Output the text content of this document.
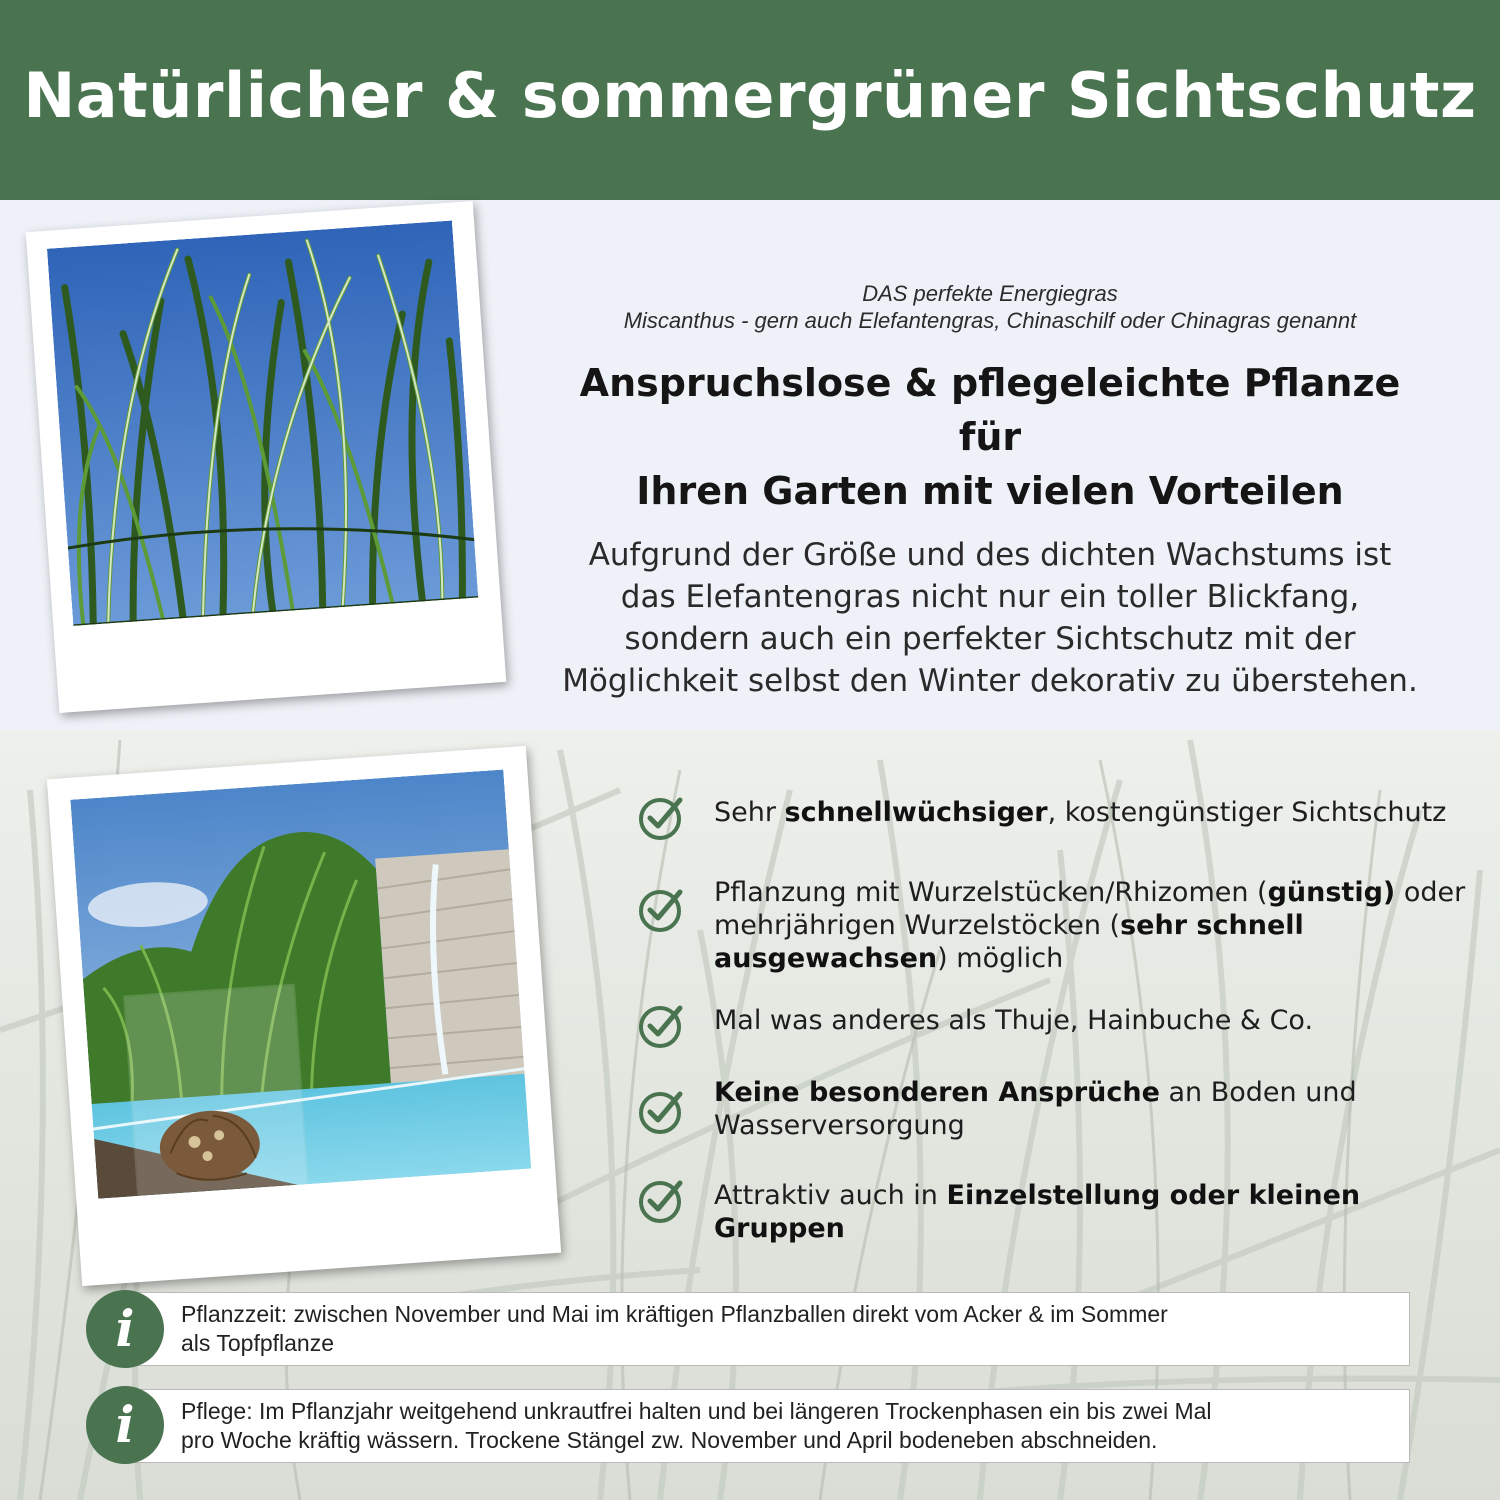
Natürlicher & sommergrüner Sichtschutz
DAS perfekte Energiegras
Miscanthus - gern auch Elefantengras, Chinaschilf oder Chinagras genannt
Anspruchslose & pflegeleichte Pflanze für
Ihren Garten mit vielen Vorteilen
Aufgrund der Größe und des dichten Wachstums ist
das Elefantengras nicht nur ein toller Blickfang,
sondern auch ein perfekter Sichtschutz mit der
Möglichkeit selbst den Winter dekorativ zu überstehen.
Sehr schnellwüchsiger, kostengünstiger Sichtschutz
Pflanzung mit Wurzelstücken/Rhizomen (günstig) oder mehrjährigen Wurzelstöcken (sehr schnell ausgewachsen) möglich
Mal was anderes als Thuje, Hainbuche & Co.
Keine besonderen Ansprüche an Boden und Wasserversorgung
Attraktiv auch in Einzelstellung oder kleinen Gruppen
Pflanzzeit: zwischen November und Mai im kräftigen Pflanzballen direkt vom Acker & im Sommer
als Topfpflanze
i
Pflege: Im Pflanzjahr weitgehend unkrautfrei halten und bei längeren Trockenphasen ein bis zwei Mal
pro Woche kräftig wässern. Trockene Stängel zw. November und April bodeneben abschneiden.
i
